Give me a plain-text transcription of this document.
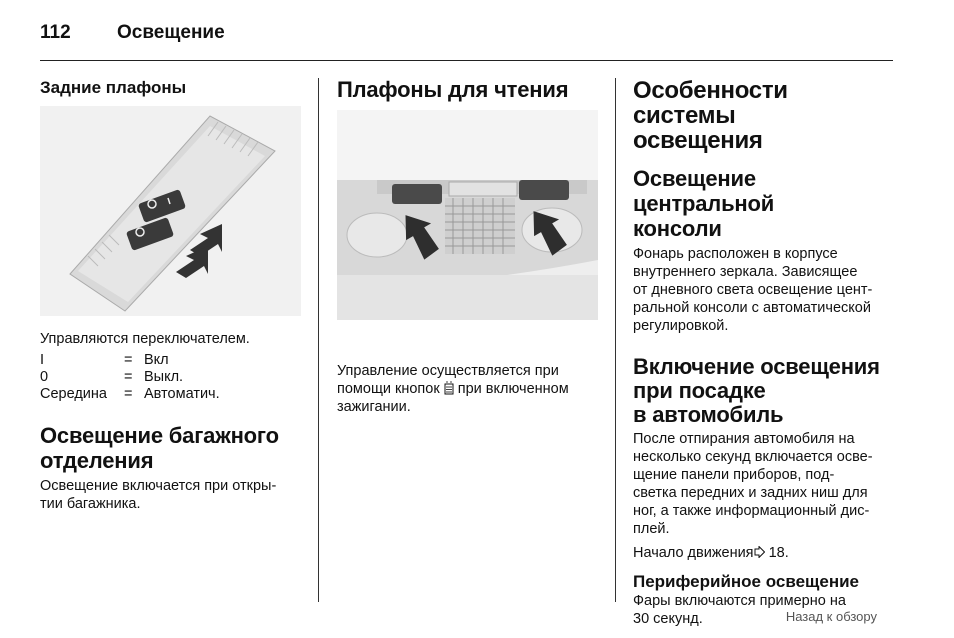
112 Освещение
Задние плафоны
Управляются переключателем.
I	=	Вкл
0	=	Выкл.
Середина	=	Автоматич.
Освещение багажного
отделения
Освещение включается при откры-
тии багажника.
Плафоны для чтения
Управление осуществляется при
помощи кнопок  при включенном
зажигании.
Особенности системы
освещения
Освещение центральной
консоли
Фонарь расположен в корпусе
внутреннего зеркала. Зависящее
от дневного света освещение цент-
ральной консоли с автоматической
регулировкой.
Включение освещения
при посадке
в автомобиль
После отпирания автомобиля на
несколько секунд включается осве-
щение панели приборов, под-
светка передних и задних ниш для
ног, а также информационный дис-
плей.
Начало движения 18.
Периферийное освещение
Фары включаются примерно на
30 секунд.	Назад к обзору
